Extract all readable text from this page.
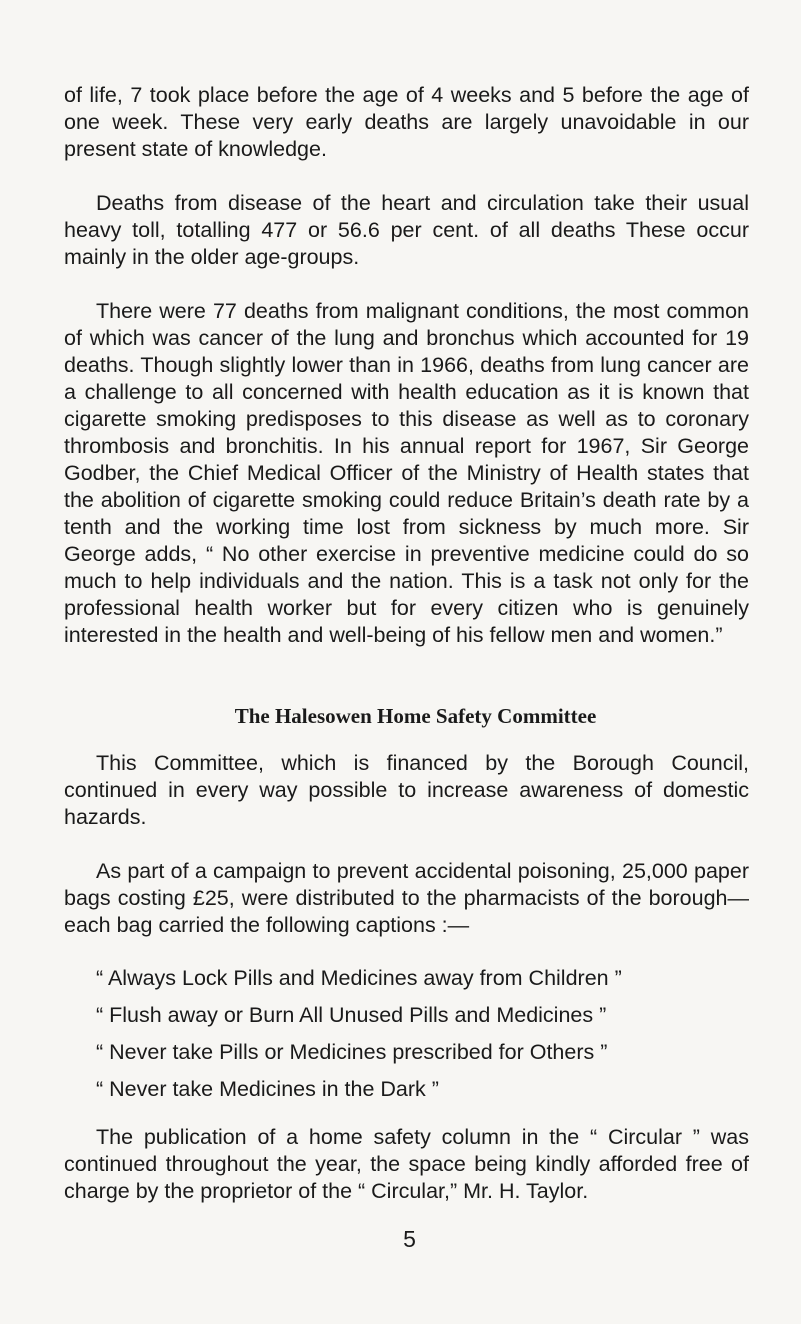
of life, 7 took place before the age of 4 weeks and 5 before the age of one week. These very early deaths are largely unavoidable in our present state of knowledge.

Deaths from disease of the heart and circulation take their usual heavy toll, totalling 477 or 56.6 per cent. of all deaths These occur mainly in the older age-groups.

There were 77 deaths from malignant conditions, the most common of which was cancer of the lung and bronchus which accounted for 19 deaths. Though slightly lower than in 1966, deaths from lung cancer are a challenge to all concerned with health education as it is known that cigarette smoking predisposes to this disease as well as to coronary thrombosis and bronchitis. In his annual report for 1967, Sir George Godber, the Chief Medical Officer of the Ministry of Health states that the abolition of cigarette smoking could reduce Britain’s death rate by a tenth and the working time lost from sickness by much more. Sir George adds, “ No other exercise in preventive medicine could do so much to help individuals and the nation. This is a task not only for the professional health worker but for every citizen who is genuinely interested in the health and well-being of his fellow men and women.”

The Halesowen Home Safety Committee

This Committee, which is financed by the Borough Council, continued in every way possible to increase awareness of domestic hazards.

As part of a campaign to prevent accidental poisoning, 25,000 paper bags costing £25, were distributed to the pharmacists of the borough—each bag carried the following captions :—

“ Always Lock Pills and Medicines away from Children ”
“ Flush away or Burn All Unused Pills and Medicines ”
“ Never take Pills or Medicines prescribed for Others ”
“ Never take Medicines in the Dark ”

The publication of a home safety column in the “ Circular ” was continued throughout the year, the space being kindly afforded free of charge by the proprietor of the “ Circular,” Mr. H. Taylor.

5
